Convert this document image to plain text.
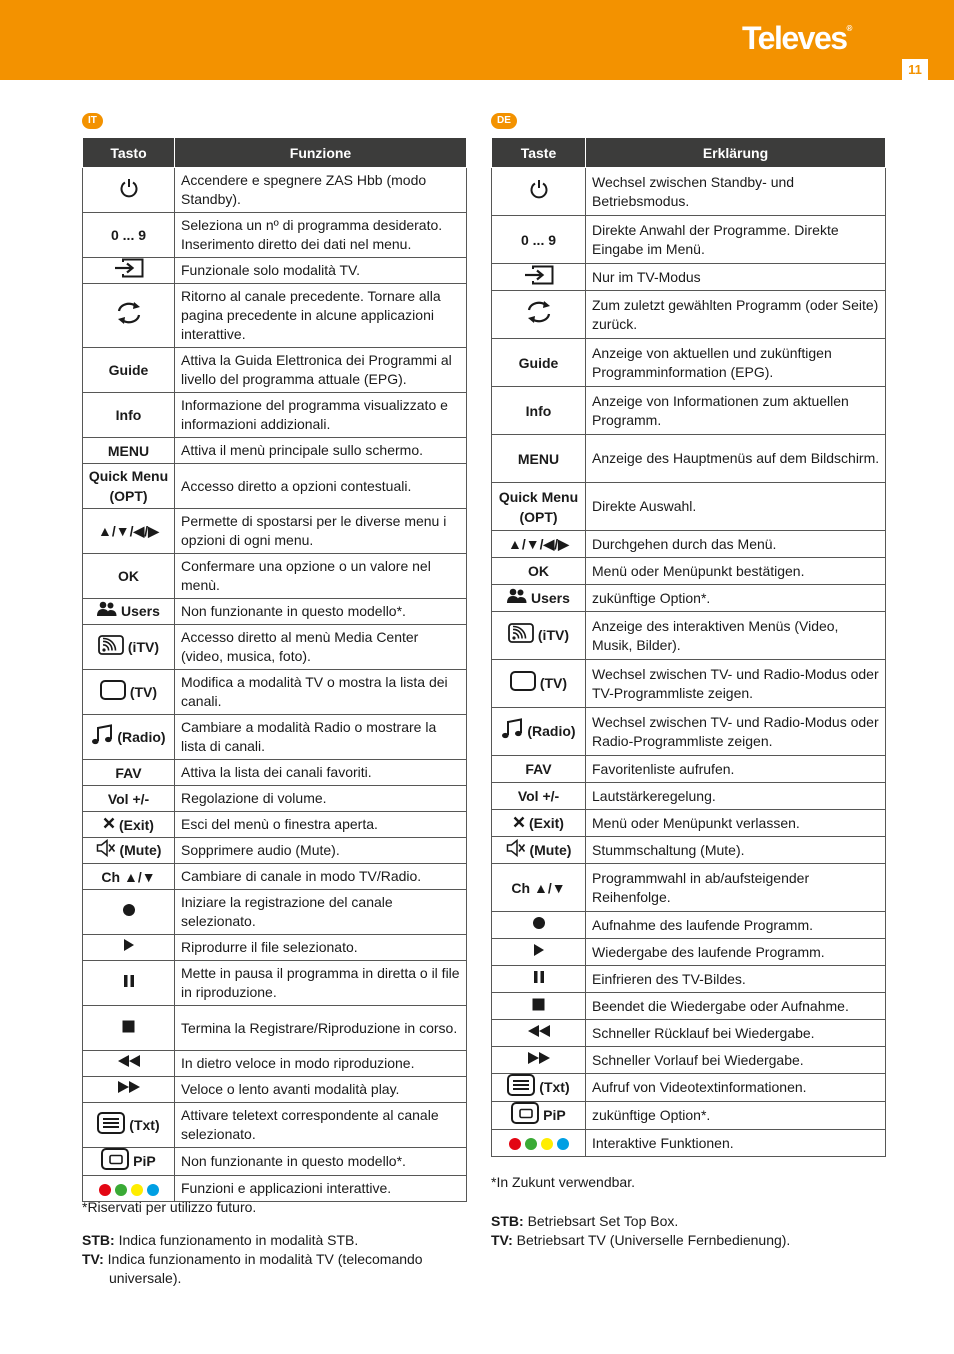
Televes®
11
IT	DE
Tasto	Funzione
	Accendere e spegnere ZAS Hbb (modo Standby).
0 ... 9	Seleziona un nº di programma desiderato. Inserimento diretto dei dati nel menu.
	Funzionale solo modalità TV.
	Ritorno al canale precedente. Tornare alla pagina precedente in alcune applicazioni interattive.
Guide	Attiva la Guida Elettronica dei Programmi al livello del programma attuale (EPG).
Info	Informazione del programma visualizzato e informazioni addizionali.
MENU	Attiva il menù principale sullo schermo.
Quick Menu (OPT)	Accesso diretto a opzioni contestuali.
▲/▼/◀/▶	Permette di spostarsi per le diverse menu i opzioni di ogni menu.
OK	Confermare una opzione o un valore nel menù.
Users	Non funzionante in questo modello*.
(iTV)	Accesso diretto al menù Media Center (video, musica, foto).
(TV)	Modifica a modalità TV o mostra la lista dei canali.
(Radio)	Cambiare a modalità Radio o mostrare la lista di canali.
FAV	Attiva la lista dei canali favoriti.
Vol +/-	Regolazione di volume.
(Exit)	Esci del menù o finestra aperta.
(Mute)	Sopprimere audio (Mute).
Ch ▲/▼	Cambiare di canale in modo TV/Radio.
	Iniziare la registrazione del canale selezionato.
	Riprodurre il file selezionato.
	Mette in pausa il programma in diretta o il file in riproduzione.
	Termina la Registrare/Riproduzione in corso.
	In dietro veloce in modo riproduzione.
	Veloce o lento avanti modalità play.
(Txt)	Attivare teletext correspondente al canale selezionato.
PiP	Non funzionante in questo modello*.
	Funzioni e applicazioni interattive.
Taste	Erklärung
	Wechsel zwischen Standby- und Betriebsmodus.
0 ... 9	Direkte Anwahl der Programme. Direkte Eingabe im Menü.
	Nur im TV-Modus
	Zum zuletzt gewählten Programm (oder Seite) zurück.
Guide	Anzeige von aktuellen und zukünftigen Programminformation (EPG).
Info	Anzeige von Informationen zum aktuellen Programm.
MENU	Anzeige des Hauptmenüs auf dem Bildschirm.
Quick Menu (OPT)	Direkte Auswahl.
▲/▼/◀/▶	Durchgehen durch das Menü.
OK	Menü oder Menüpunkt bestätigen.
Users	zukünftige Option*.
(iTV)	Anzeige des interaktiven Menüs (Video, Musik, Bilder).
(TV)	Wechsel zwischen TV- und Radio-Modus oder TV-Programmliste zeigen.
(Radio)	Wechsel zwischen TV- und Radio-Modus oder Radio-Programmliste zeigen.
FAV	Favoritenliste aufrufen.
Vol +/-	Lautstärkeregelung.
(Exit)	Menü oder Menüpunkt verlassen.
(Mute)	Stummschaltung (Mute).
Ch ▲/▼	Programmwahl in ab/aufsteigender Reihenfolge.
	Aufnahme des laufende Programm.
	Wiedergabe des laufende Programm.
	Einfrieren des TV-Bildes.
	Beendet die Wiedergabe oder Aufnahme.
	Schneller Rücklauf bei Wiedergabe.
	Schneller Vorlauf bei Wiedergabe.
(Txt)	Aufruf von Videotextinformationen.
PiP	zukünftige Option*.
	Interaktive Funktionen.
*Riservati per utilizzo futuro.
STB: Indica funzionamento in modalità STB.
TV: Indica funzionamento in modalità TV (telecomando universale).
*In Zukunt verwendbar.
STB: Betriebsart Set Top Box.
TV: Betriebsart TV (Universelle Fernbedienung).
